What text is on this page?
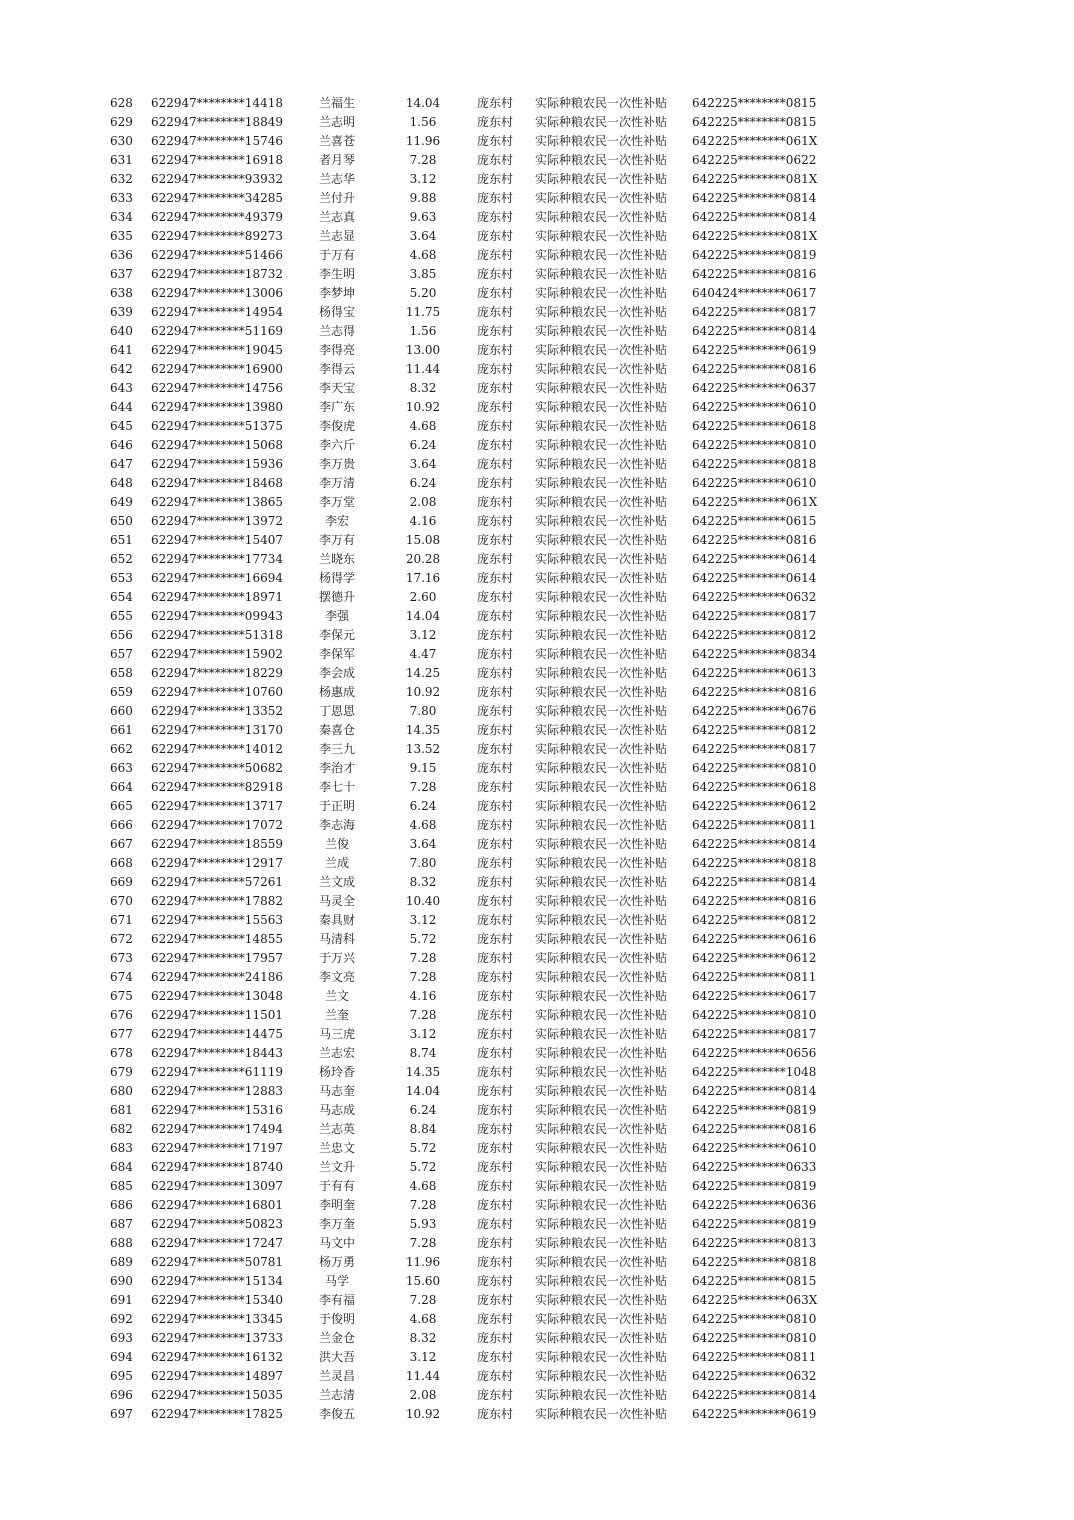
628 622947********14418	兰福生	14.04	庞东村 实际种粮农民一次性补贴 642225********0815
629 622947********18849	兰志明	1.56	庞东村 实际种粮农民一次性补贴 642225********0815
630 622947********15746	兰喜苍	11.96	庞东村 实际种粮农民一次性补贴 642225********061X
631 622947********16918	者月琴	7.28	庞东村 实际种粮农民一次性补贴 642225********0622
632 622947********93932	兰志华	3.12	庞东村 实际种粮农民一次性补贴 642225********081X
633 622947********34285	兰付升	9.88	庞东村 实际种粮农民一次性补贴 642225********0814
634 622947********49379	兰志真	9.63	庞东村 实际种粮农民一次性补贴 642225********0814
635 622947********89273	兰志显	3.64	庞东村 实际种粮农民一次性补贴 642225********081X
636 622947********51466	于万有	4.68	庞东村 实际种粮农民一次性补贴 642225********0819
637 622947********18732	李生明	3.85	庞东村 实际种粮农民一次性补贴 642225********0816
638 622947********13006	李梦坤	5.20	庞东村 实际种粮农民一次性补贴 640424********0617
639 622947********14954	杨得宝	11.75	庞东村 实际种粮农民一次性补贴 642225********0817
640 622947********51169	兰志得	1.56	庞东村 实际种粮农民一次性补贴 642225********0814
641 622947********19045	李得亮	13.00	庞东村 实际种粮农民一次性补贴 642225********0619
642 622947********16900	李得云	11.44	庞东村 实际种粮农民一次性补贴 642225********0816
643 622947********14756	李天宝	8.32	庞东村 实际种粮农民一次性补贴 642225********0637
644 622947********13980	李广东	10.92	庞东村 实际种粮农民一次性补贴 642225********0610
645 622947********51375	李俊虎	4.68	庞东村 实际种粮农民一次性补贴 642225********0618
646 622947********15068	李六斤	6.24	庞东村 实际种粮农民一次性补贴 642225********0810
647 622947********15936	李万贵	3.64	庞东村 实际种粮农民一次性补贴 642225********0818
648 622947********18468	李万清	6.24	庞东村 实际种粮农民一次性补贴 642225********0610
649 622947********13865	李万堂	2.08	庞东村 实际种粮农民一次性补贴 642225********061X
650 622947********13972	李宏	4.16	庞东村 实际种粮农民一次性补贴 642225********0615
651 622947********15407	李万有	15.08	庞东村 实际种粮农民一次性补贴 642225********0816
652 622947********17734	兰晓东	20.28	庞东村 实际种粮农民一次性补贴 642225********0614
653 622947********16694	杨得学	17.16	庞东村 实际种粮农民一次性补贴 642225********0614
654 622947********18971	摆德升	2.60	庞东村 实际种粮农民一次性补贴 642225********0632
655 622947********09943	李强	14.04	庞东村 实际种粮农民一次性补贴 642225********0817
656 622947********51318	李保元	3.12	庞东村 实际种粮农民一次性补贴 642225********0812
657 622947********15902	李保军	4.47	庞东村 实际种粮农民一次性补贴 642225********0834
658 622947********18229	李会成	14.25	庞东村 实际种粮农民一次性补贴 642225********0613
659 622947********10760	杨惠成	10.92	庞东村 实际种粮农民一次性补贴 642225********0816
660 622947********13352	丁恩恩	7.80	庞东村 实际种粮农民一次性补贴 642225********0676
661 622947********13170	秦喜仓	14.35	庞东村 实际种粮农民一次性补贴 642225********0812
662 622947********14012	李三九	13.52	庞东村 实际种粮农民一次性补贴 642225********0817
663 622947********50682	李治才	9.15	庞东村 实际种粮农民一次性补贴 642225********0810
664 622947********82918	李七十	7.28	庞东村 实际种粮农民一次性补贴 642225********0618
665 622947********13717	于正明	6.24	庞东村 实际种粮农民一次性补贴 642225********0612
666 622947********17072	李志海	4.68	庞东村 实际种粮农民一次性补贴 642225********0811
667 622947********18559	兰俊	3.64	庞东村 实际种粮农民一次性补贴 642225********0814
668 622947********12917	兰成	7.80	庞东村 实际种粮农民一次性补贴 642225********0818
669 622947********57261	兰文成	8.32	庞东村 实际种粮农民一次性补贴 642225********0814
670 622947********17882	马灵全	10.40	庞东村 实际种粮农民一次性补贴 642225********0816
671 622947********15563	秦具财	3.12	庞东村 实际种粮农民一次性补贴 642225********0812
672 622947********14855	马清科	5.72	庞东村 实际种粮农民一次性补贴 642225********0616
673 622947********17957	于万兴	7.28	庞东村 实际种粮农民一次性补贴 642225********0612
674 622947********24186	李文亮	7.28	庞东村 实际种粮农民一次性补贴 642225********0811
675 622947********13048	兰文	4.16	庞东村 实际种粮农民一次性补贴 642225********0617
676 622947********11501	兰奎	7.28	庞东村 实际种粮农民一次性补贴 642225********0810
677 622947********14475	马三虎	3.12	庞东村 实际种粮农民一次性补贴 642225********0817
678 622947********18443	兰志宏	8.74	庞东村 实际种粮农民一次性补贴 642225********0656
679 622947********61119	杨玲香	14.35	庞东村 实际种粮农民一次性补贴 642225********1048
680 622947********12883	马志奎	14.04	庞东村 实际种粮农民一次性补贴 642225********0814
681 622947********15316	马志成	6.24	庞东村 实际种粮农民一次性补贴 642225********0819
682 622947********17494	兰志英	8.84	庞东村 实际种粮农民一次性补贴 642225********0816
683 622947********17197	兰忠文	5.72	庞东村 实际种粮农民一次性补贴 642225********0610
684 622947********18740	兰文升	5.72	庞东村 实际种粮农民一次性补贴 642225********0633
685 622947********13097	于有有	4.68	庞东村 实际种粮农民一次性补贴 642225********0819
686 622947********16801	李明奎	7.28	庞东村 实际种粮农民一次性补贴 642225********0636
687 622947********50823	李万奎	5.93	庞东村 实际种粮农民一次性补贴 642225********0819
688 622947********17247	马文中	7.28	庞东村 实际种粮农民一次性补贴 642225********0813
689 622947********50781	杨万勇	11.96	庞东村 实际种粮农民一次性补贴 642225********0818
690 622947********15134	马学	15.60	庞东村 实际种粮农民一次性补贴 642225********0815
691 622947********15340	李有福	7.28	庞东村 实际种粮农民一次性补贴 642225********063X
692 622947********13345	于俊明	4.68	庞东村 实际种粮农民一次性补贴 642225********0810
693 622947********13733	兰金仓	8.32	庞东村 实际种粮农民一次性补贴 642225********0810
694 622947********16132	洪大吾	3.12	庞东村 实际种粮农民一次性补贴 642225********0811
695 622947********14897	兰灵昌	11.44	庞东村 实际种粮农民一次性补贴 642225********0632
696 622947********15035	兰志清	2.08	庞东村 实际种粮农民一次性补贴 642225********0814
697 622947********17825	李俊五	10.92	庞东村 实际种粮农民一次性补贴 642225********0619
